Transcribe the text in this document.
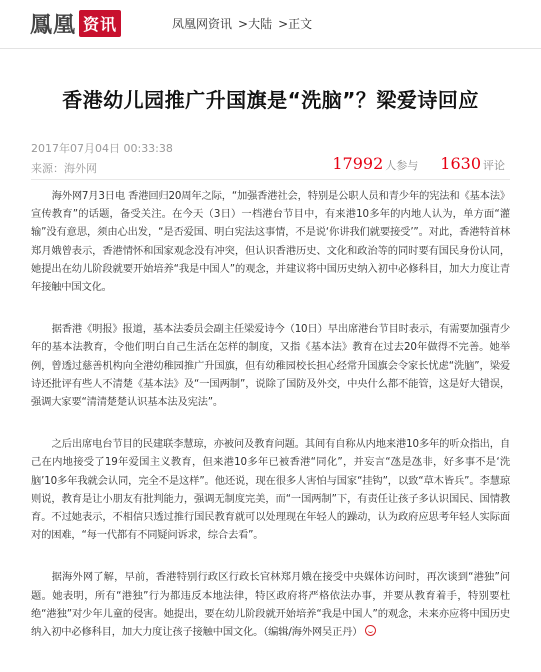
鳳凰 资讯	凤凰网资讯 >大陆 >正文
香港幼儿园推广升国旗是“洗脑”？梁爱诗回应
2017年07月04日 00:33:38
来源：海外网	17992 人参与 1630 评论

海外网7月3日电 香港回归20周年之际，“加强香港社会，特别是公职人员和青少年的宪法和《基本法》宣传教育”的话题，备受关注。在今天（3日）一档港台节目中，有来港10多年的内地人认为，单方面“灌输”没有意思，须由心出发，“是否爱国、明白宪法这事情，不是说‘你讲我们就要接受’”。对此，香港特首林郑月娥曾表示，香港情怀和国家观念没有冲突，但认识香港历史、文化和政治等的同时要有国民身份认同，她提出在幼儿阶段就要开始培养“我是中国人”的观念，并建议将中国历史纳入初中必修科目，加大力度让青年接触中国文化。

据香港《明报》报道，基本法委员会副主任梁爱诗今（10日）早出席港台节目时表示，有需要加强青少年的基本法教育，令他们明白自己生活在怎样的制度，又指《基本法》教育在过去20年做得不完善。她举例，曾透过慈善机构向全港幼稚园推广升国旗，但有幼稚园校长担心经常升国旗会令家长忧虑“洗脑”，梁爱诗还批评有些人不清楚《基本法》及“一国两制”，说除了国防及外交，中央什么都不能管，这是好大错误，强调大家要“清清楚楚认识基本法及宪法”。

之后出席电台节目的民建联李慧琼，亦被问及教育问题。其间有自称从内地来港10多年的听众指出，自己在内地接受了19年爱国主义教育，但来港10多年已被香港“同化”，并妄言“氹是氹非，好多事不是‘洗脑’10多年我就会认同，完全不是这样”。他还说，现在很多人害怕与国家“挂钩”，以致“草木皆兵”。李慧琼则说，教育是让小朋友有批判能力，强调无制度完美，而“一国两制”下，有责任让孩子多认识国民、国情教育。不过她表示，不相信只透过推行国民教育就可以处理现在年轻人的躁动，认为政府应思考年轻人实际面对的困难，“每一代都有不同疑问诉求，综合去看”。

据海外网了解，早前，香港特别行政区行政长官林郑月娥在接受中央媒体访问时，再次谈到“港独”问题。她表明，所有“港独”行为都违反本地法律，特区政府将严格依法办事，并要从教育着手，特别要杜绝“港独”对少年儿童的侵害。她提出，要在幼儿阶段就开始培养“我是中国人”的观念，未来亦应将中国历史纳入初中必修科目，加大力度让孩子接触中国文化。（编辑/海外网吴正丹）
